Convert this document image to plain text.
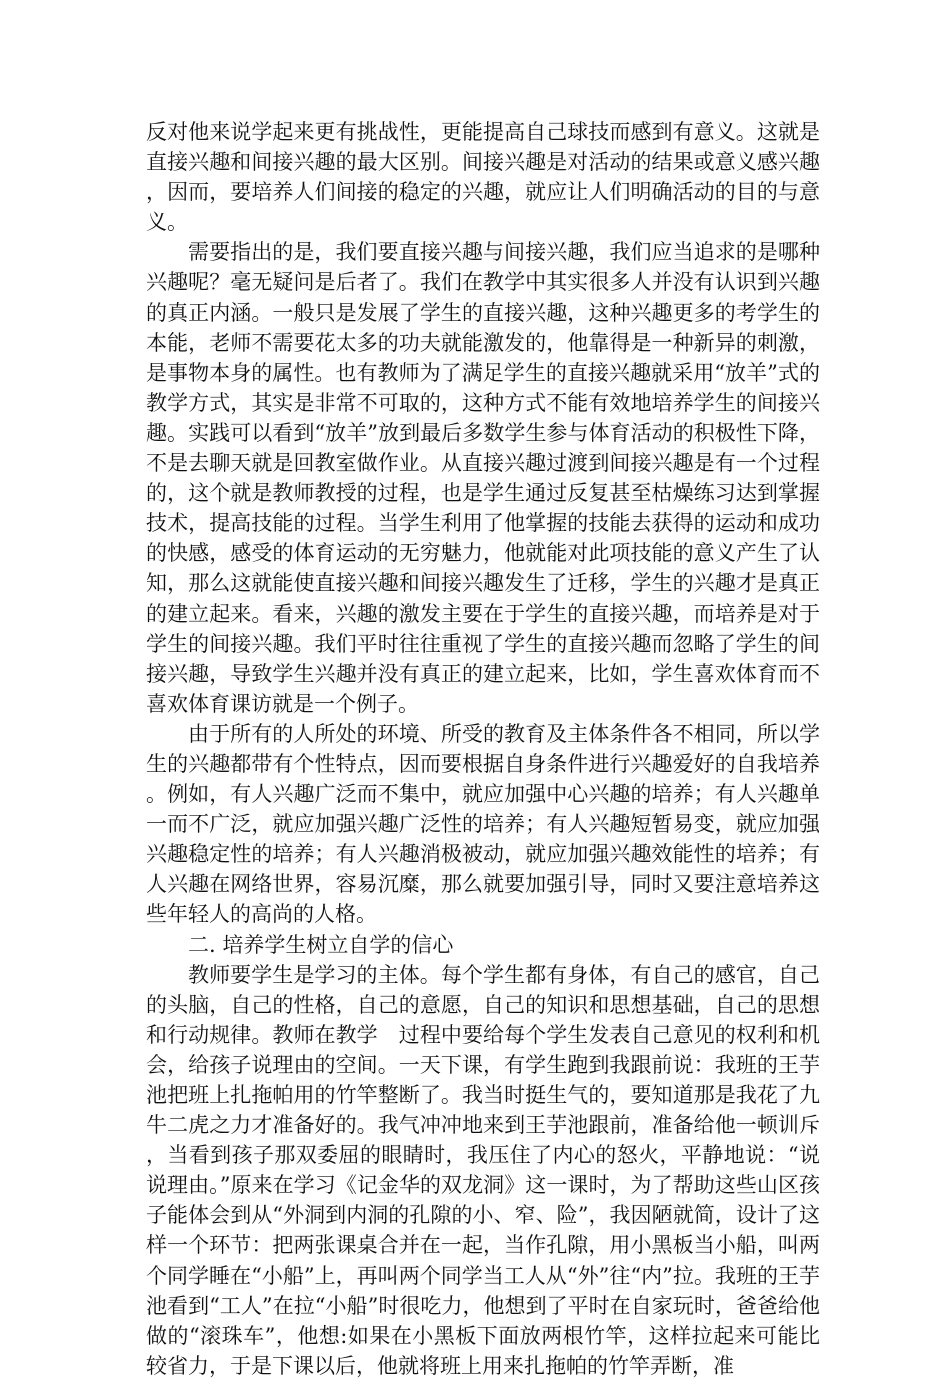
反对他来说学起来更有挑战性，更能提高自己球技而感到有意义。这就是直接兴趣和间接兴趣的最大区别。间接兴趣是对活动的结果或意义感兴趣，因而，要培养人们间接的稳定的兴趣，就应让人们明确活动的目的与意义。

需要指出的是，我们要直接兴趣与间接兴趣，我们应当追求的是哪种兴趣呢？毫无疑问是后者了。我们在教学中其实很多人并没有认识到兴趣的真正内涵。一般只是发展了学生的直接兴趣，这种兴趣更多的考学生的本能，老师不需要花太多的功夫就能激发的，他靠得是一种新异的刺激，是事物本身的属性。也有教师为了满足学生的直接兴趣就采用“放羊”式的教学方式，其实是非常不可取的，这种方式不能有效地培养学生的间接兴趣。实践可以看到“放羊”放到最后多数学生参与体育活动的积极性下降，不是去聊天就是回教室做作业。从直接兴趣过渡到间接兴趣是有一个过程的，这个就是教师教授的过程，也是学生通过反复甚至枯燥练习达到掌握技术，提高技能的过程。当学生利用了他掌握的技能去获得的运动和成功的快感，感受的体育运动的无穷魅力，他就能对此项技能的意义产生了认知，那么这就能使直接兴趣和间接兴趣发生了迁移，学生的兴趣才是真正的建立起来。看来，兴趣的激发主要在于学生的直接兴趣，而培养是对于学生的间接兴趣。我们平时往往重视了学生的直接兴趣而忽略了学生的间接兴趣，导致学生兴趣并没有真正的建立起来，比如，学生喜欢体育而不喜欢体育课访就是一个例子。

由于所有的人所处的环境、所受的教育及主体条件各不相同，所以学生的兴趣都带有个性特点，因而要根据自身条件进行兴趣爱好的自我培养。例如，有人兴趣广泛而不集中，就应加强中心兴趣的培养；有人兴趣单一而不广泛，就应加强兴趣广泛性的培养；有人兴趣短暂易变，就应加强兴趣稳定性的培养；有人兴趣消极被动，就应加强兴趣效能性的培养；有人兴趣在网络世界，容易沉糜，那么就要加强引导，同时又要注意培养这些年轻人的高尚的人格。

二. 培养学生树立自学的信心

教师要学生是学习的主体。每个学生都有身体，有自己的感官，自己的头脑，自己的性格，自己的意愿，自己的知识和思想基础，自己的思想和行动规律。教师在教学　过程中要给每个学生发表自己意见的权利和机会，给孩子说理由的空间。一天下课，有学生跑到我跟前说：我班的王芋池把班上扎拖帕用的竹竿整断了。我当时挺生气的，要知道那是我花了九牛二虎之力才准备好的。我气冲冲地来到王芋池跟前，准备给他一顿训斥，当看到孩子那双委屈的眼睛时，我压住了内心的怒火，平静地说：“说说理由。”原来在学习《记金华的双龙洞》这一课时，为了帮助这些山区孩子能体会到从“外洞到内洞的孔隙的小、窄、险”，我因陋就简，设计了这样一个环节：把两张课桌合并在一起，当作孔隙，用小黑板当小船，叫两个同学睡在“小船”上，再叫两个同学当工人从“外”往“内”拉。我班的王芋池看到“工人”在拉“小船”时很吃力，他想到了平时在自家玩时，爸爸给他做的“滚珠车”，他想:如果在小黑板下面放两根竹竿，这样拉起来可能比较省力，于是下课以后，他就将班上用来扎拖帕的竹竿弄断，准
